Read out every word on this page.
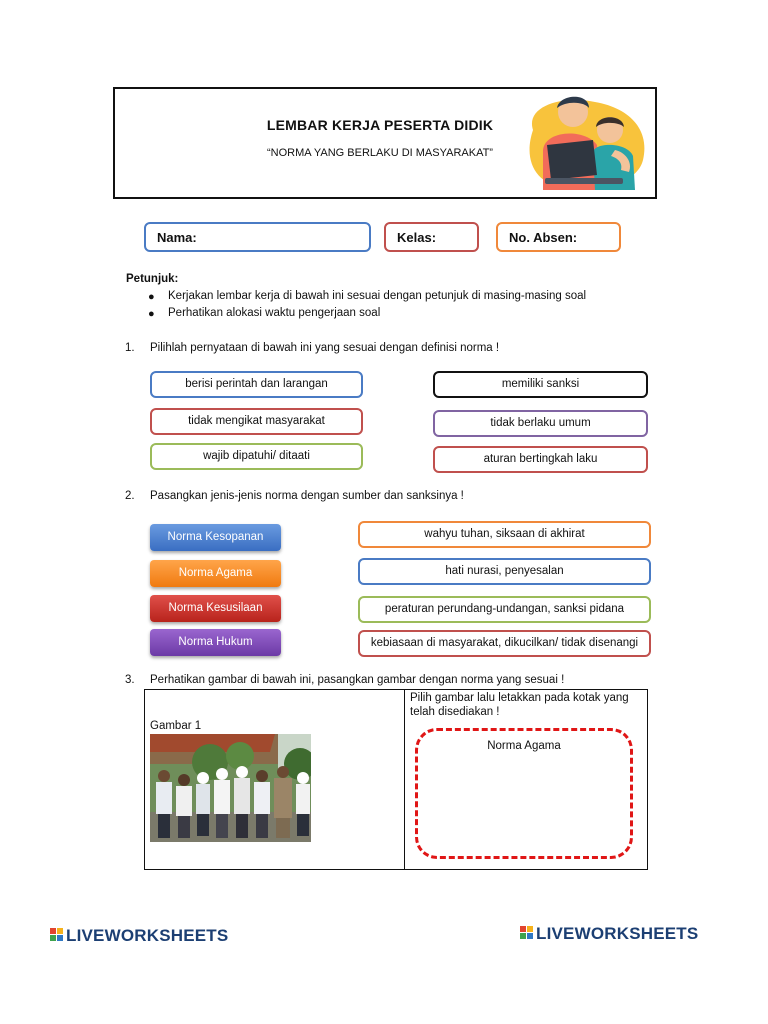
LEMBAR KERJA PESERTA DIDIK
“NORMA YANG BERLAKU DI MASYARAKAT”
Nama:	Kelas:	No. Absen:
Petunjuk:
● Kerjakan lembar kerja di bawah ini sesuai dengan petunjuk di masing-masing soal
● Perhatikan alokasi waktu pengerjaan soal
1. Pilihlah pernyataan di bawah ini yang sesuai dengan definisi norma !
berisi perintah dan larangan	memiliki sanksi
tidak mengikat masyarakat	tidak berlaku umum
wajib dipatuhi/ ditaati	aturan bertingkah laku
2. Pasangkan jenis-jenis norma dengan sumber dan sanksinya !
Norma Kesopanan
Norma Agama
Norma Kesusilaan
Norma Hukum
wahyu tuhan, siksaan di akhirat
hati nurasi, penyesalan
peraturan perundang-undangan, sanksi pidana
kebiasaan di masyarakat, dikucilkan/ tidak disenangi
3. Perhatikan gambar di bawah ini, pasangkan gambar dengan norma yang sesuai !
Gambar 1
Pilih gambar lalu letakkan pada kotak yang telah disediakan !
Norma Agama
LIVEWORKSHEETS	LIVEWORKSHEETS
